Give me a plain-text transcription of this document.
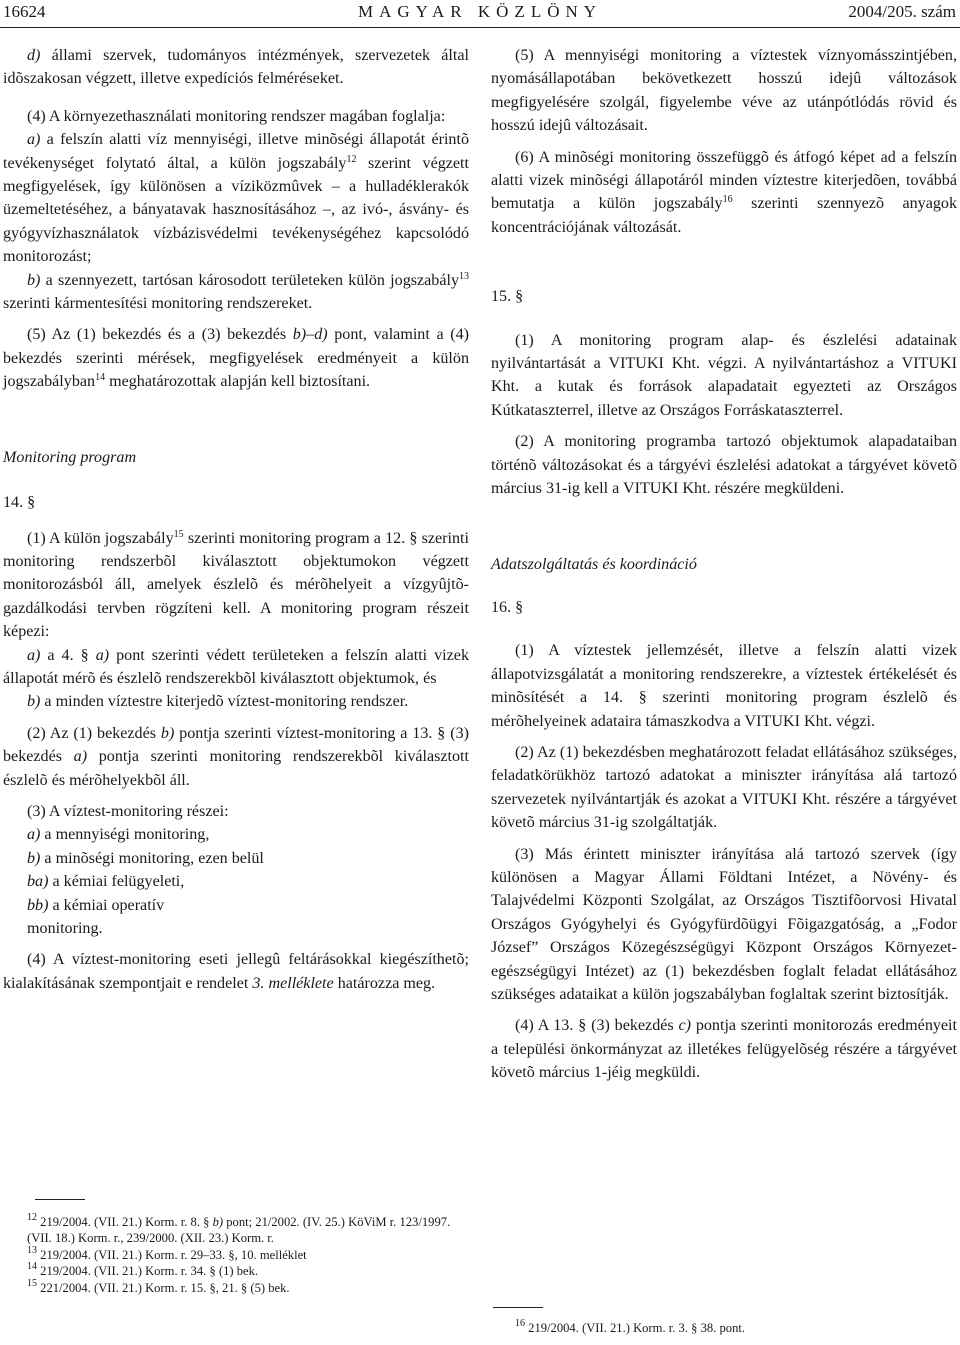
16624	MAGYAR KÖZLÖNY	2004/205. szám

d) állami szervek, tudományos intézmények, szervezetek által idõszakosan végzett, illetve expedíciós felméréseket.

(4) A környezethasználati monitoring rendszer magában foglalja:

a) a felszín alatti víz mennyiségi, illetve minõségi állapotát érintõ tevékenységet folytató által, a külön jogszabály$^{12}$ szerint végzett megfigyelések, így különösen a víziközmûvek – a hulladéklerakók üzemeltetéséhez, a bányatavak hasznosításához –, az ivó-, ásvány- és gyógyvízhasználatok vízbázisvédelmi tevékenységéhez kapcsolódó monitorozást;

b) a szennyezett, tartósan károsodott területeken külön jogszabály$^{13}$ szerinti kármentesítési monitoring rendszereket.

(5) Az (1) bekezdés és a (3) bekezdés b)–d) pont, valamint a (4) bekezdés szerinti mérések, megfigyelések eredményeit a külön jogszabályban$^{14}$ meghatározottak alapján kell biztosítani.

Monitoring program

14. §

(1) A külön jogszabály$^{15}$ szerinti monitoring program a 12. § szerinti monitoring rendszerbõl kiválasztott objektumokon végzett monitorozásból áll, amelyek észlelõ és mérõhelyeit a vízgyûjtõ-gazdálkodási tervben rögzíteni kell. A monitoring program részeit képezi:

a) a 4. § a) pont szerinti védett területeken a felszín alatti vizek állapotát mérõ és észlelõ rendszerekbõl kiválasztott objektumok, és

b) a minden víztestre kiterjedõ víztest-monitoring rendszer.

(2) Az (1) bekezdés b) pontja szerinti víztest-monitoring a 13. § (3) bekezdés a) pontja szerinti monitoring rendszerekbõl kiválasztott észlelõ és mérõhelyekbõl áll.

(3) A víztest-monitoring részei:

a) a mennyiségi monitoring,

b) a minõségi monitoring, ezen belül

ba) a kémiai felügyeleti,

bb) a kémiai operatív

monitoring.

(4) A víztest-monitoring eseti jellegû feltárásokkal kiegészíthetõ; kialakításának szempontjait e rendelet 3. melléklete határozza meg.

$^{12}$ 219/2004. (VII. 21.) Korm. r. 8. § b) pont; 21/2002. (IV. 25.) KöViM r. 123/1997. (VII. 18.) Korm. r., 239/2000. (XII. 23.) Korm. r.

$^{13}$ 219/2004. (VII. 21.) Korm. r. 29–33. §, 10. melléklet

$^{14}$ 219/2004. (VII. 21.) Korm. r. 34. § (1) bek.

$^{15}$ 221/2004. (VII. 21.) Korm. r. 15. §, 21. § (5) bek.

(5) A mennyiségi monitoring a víztestek víznyomásszintjében, nyomásállapotában bekövetkezett hosszú idejû változások megfigyelésére szolgál, figyelembe véve az utánpótlódás rövid és hosszú idejû változásait.

(6) A minõségi monitoring összefüggõ és átfogó képet ad a felszín alatti vizek minõségi állapotáról minden víztestre kiterjedõen, továbbá bemutatja a külön jogszabály$^{16}$ szerinti szennyezõ anyagok koncentrációjának változását.

15. §

(1) A monitoring program alap- és észlelési adatainak nyilvántartását a VITUKI Kht. végzi. A nyilvántartáshoz a VITUKI Kht. a kutak és források alapadatait egyezteti az Országos Kútkataszterrel, illetve az Országos Forráskataszterrel.

(2) A monitoring programba tartozó objektumok alapadataiban történõ változásokat és a tárgyévi észlelési adatokat a tárgyévet követõ március 31-ig kell a VITUKI Kht. részére megküldeni.

Adatszolgáltatás és koordináció

16. §

(1) A víztestek jellemzését, illetve a felszín alatti vizek állapotvizsgálatát a monitoring rendszerekre, a víztestek értékelését és minõsítését a 14. § szerinti monitoring program észlelõ és mérõhelyeinek adataira támaszkodva a VITUKI Kht. végzi.

(2) Az (1) bekezdésben meghatározott feladat ellátásához szükséges, feladatkörükhöz tartozó adatokat a miniszter irányítása alá tartozó szervezetek nyilvántartják és azokat a VITUKI Kht. részére a tárgyévet követõ március 31-ig szolgáltatják.

(3) Más érintett miniszter irányítása alá tartozó szervek (így különösen a Magyar Állami Földtani Intézet, a Növény- és Talajvédelmi Központi Szolgálat, az Országos Tisztifõorvosi Hivatal Országos Gyógyhelyi és Gyógyfürdõügyi Fõigazgatóság, a „Fodor József” Országos Közegészségügyi Központ Országos Környezet-egészségügyi Intézet) az (1) bekezdésben foglalt feladat ellátásához szükséges adataikat a külön jogszabályban foglaltak szerint biztosítják.

(4) A 13. § (3) bekezdés c) pontja szerinti monitorozás eredményeit a települési önkormányzat az illetékes felügyelõség részére a tárgyévet követõ március 1-jéig megküldi.

$^{16}$ 219/2004. (VII. 21.) Korm. r. 3. § 38. pont.
